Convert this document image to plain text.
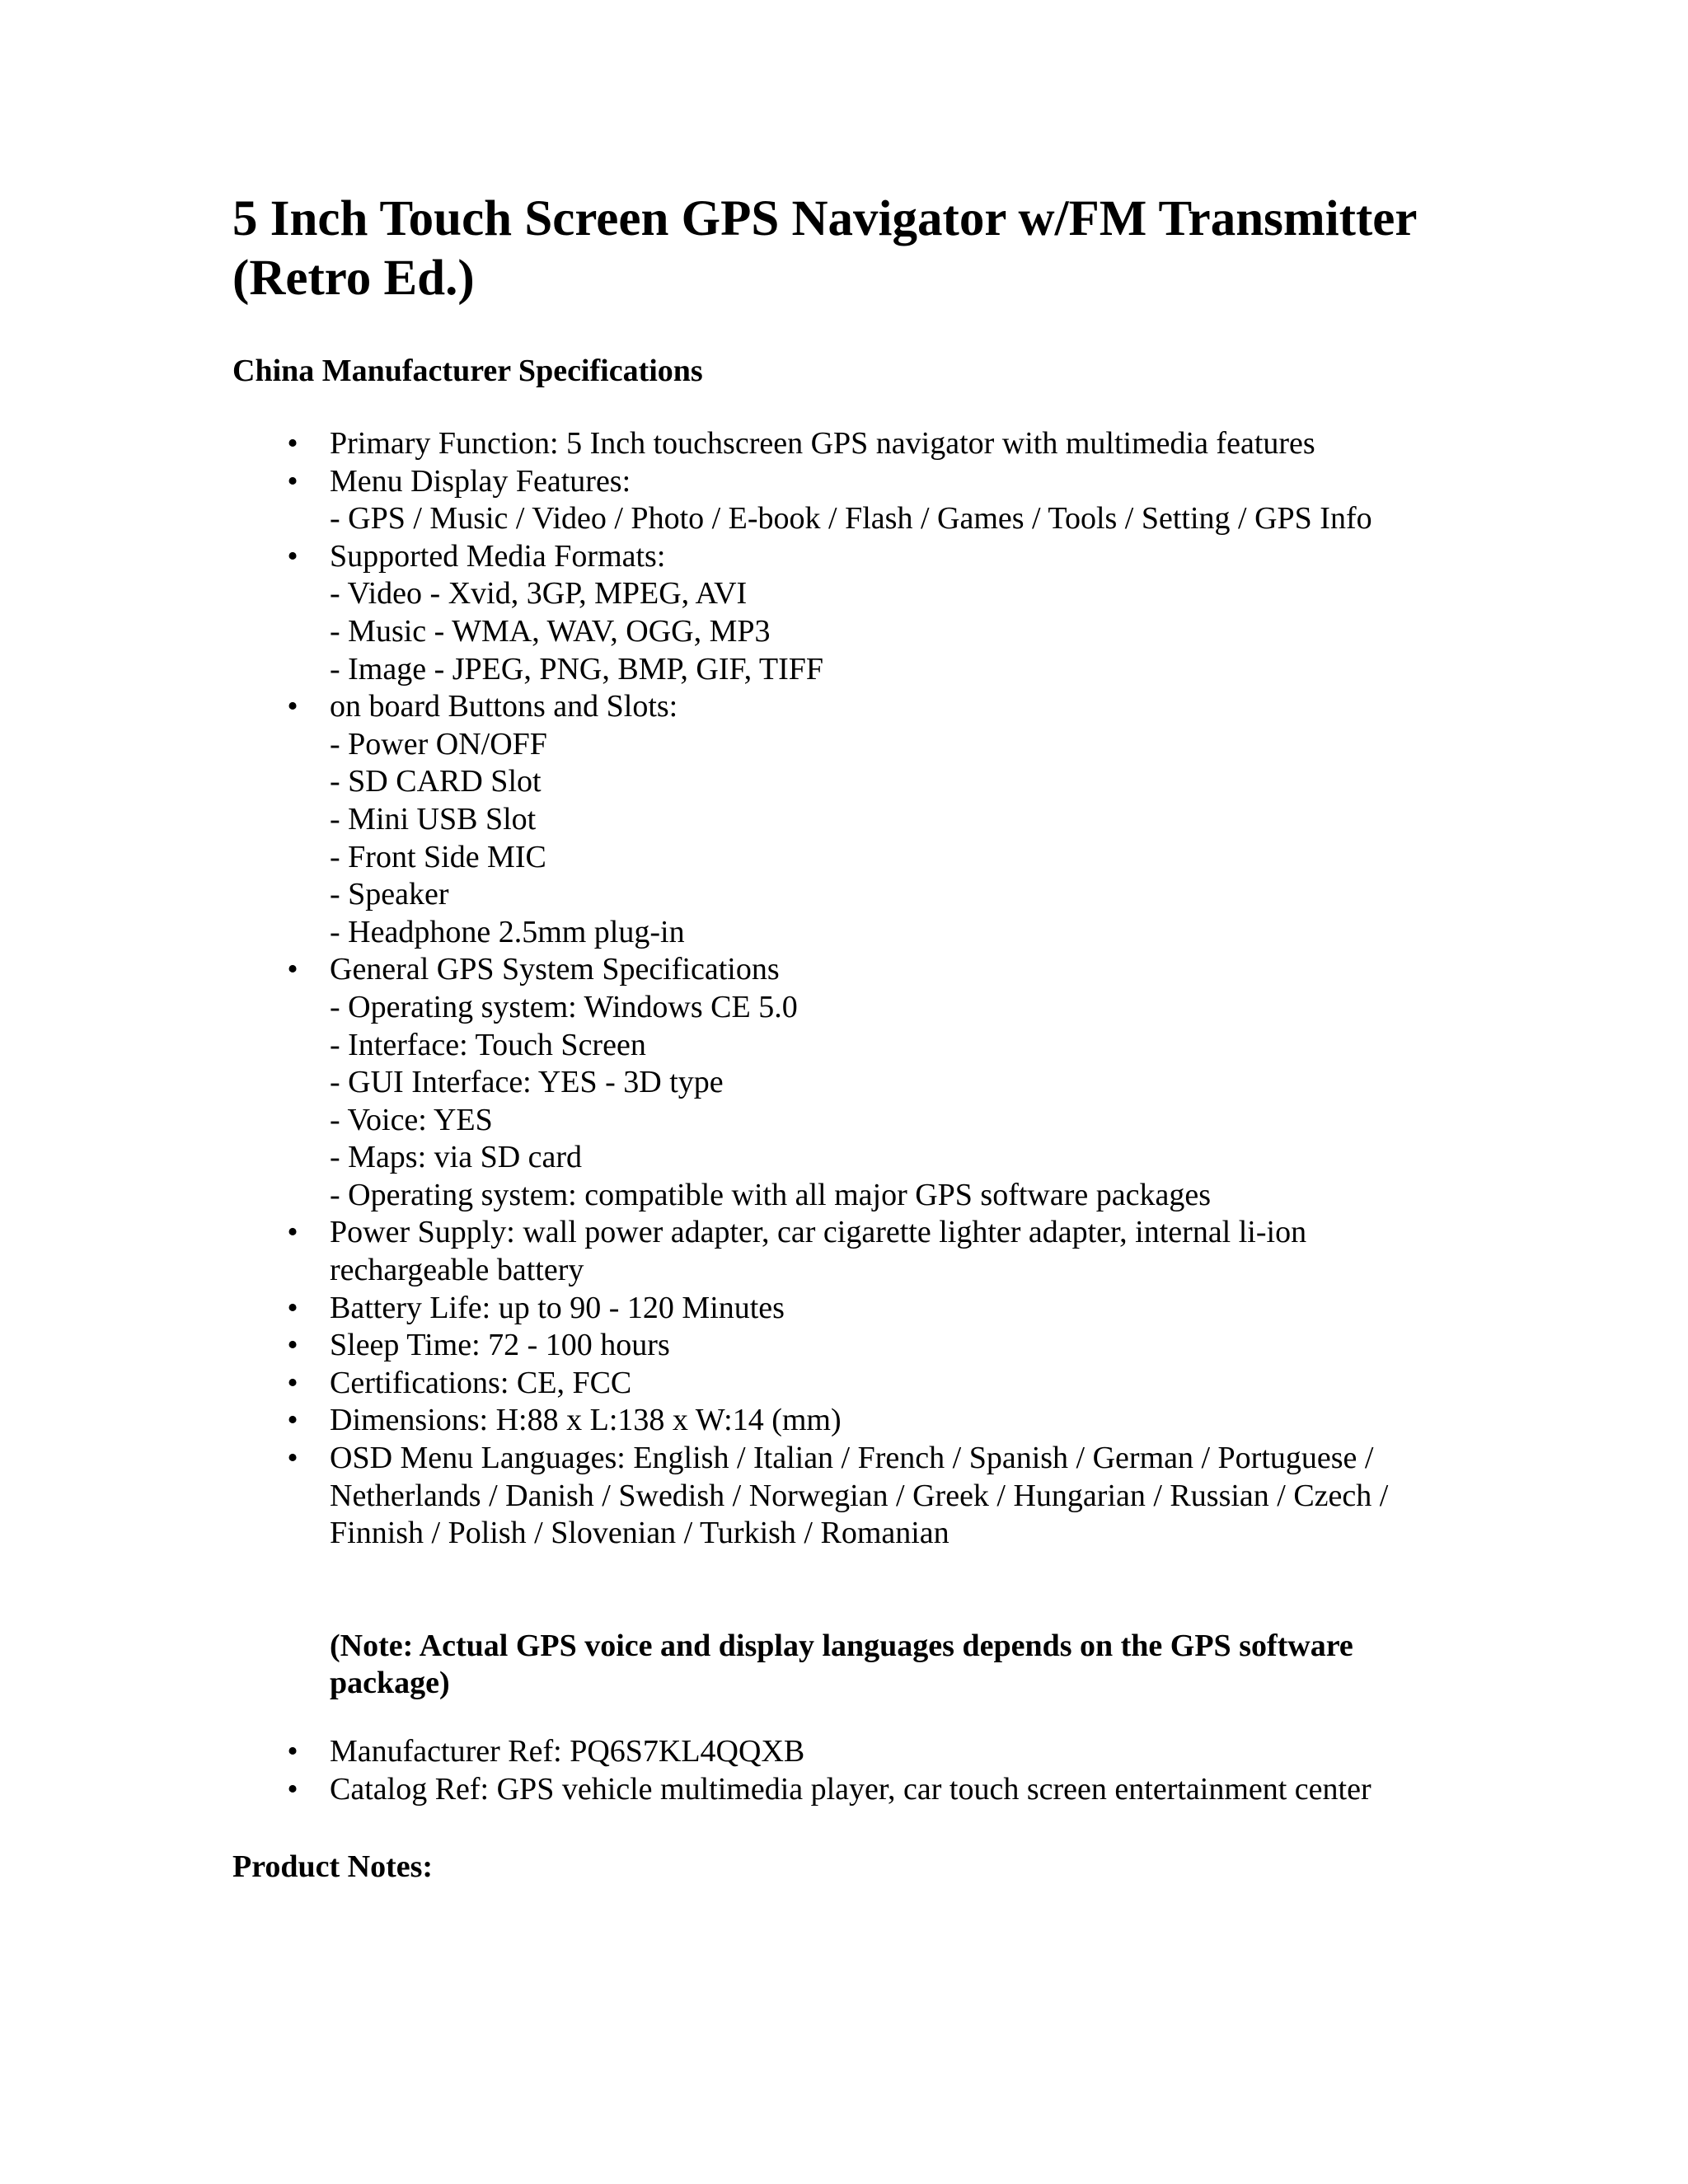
5 Inch Touch Screen GPS Navigator w/FM Transmitter (Retro Ed.)
China Manufacturer Specifications
• Primary Function: 5 Inch touchscreen GPS navigator with multimedia features
• Menu Display Features:
- GPS / Music / Video / Photo / E-book / Flash / Games / Tools / Setting / GPS Info
• Supported Media Formats:
- Video - Xvid, 3GP, MPEG, AVI
- Music - WMA, WAV, OGG, MP3
- Image - JPEG, PNG, BMP, GIF, TIFF
• on board Buttons and Slots:
- Power ON/OFF
- SD CARD Slot
- Mini USB Slot
- Front Side MIC
- Speaker
- Headphone 2.5mm plug-in
• General GPS System Specifications
- Operating system: Windows CE 5.0
- Interface: Touch Screen
- GUI Interface: YES - 3D type
- Voice: YES
- Maps: via SD card
- Operating system: compatible with all major GPS software packages
• Power Supply: wall power adapter, car cigarette lighter adapter, internal li-ion rechargeable battery
• Battery Life: up to 90 - 120 Minutes
• Sleep Time: 72 - 100 hours
• Certifications: CE, FCC
• Dimensions: H:88 x L:138 x W:14 (mm)
• OSD Menu Languages: English / Italian / French / Spanish / German / Portuguese / Netherlands / Danish / Swedish / Norwegian / Greek / Hungarian / Russian / Czech / Finnish / Polish / Slovenian / Turkish / Romanian
(Note: Actual GPS voice and display languages depends on the GPS software package)
• Manufacturer Ref: PQ6S7KL4QQXB
• Catalog Ref: GPS vehicle multimedia player, car touch screen entertainment center
Product Notes:
